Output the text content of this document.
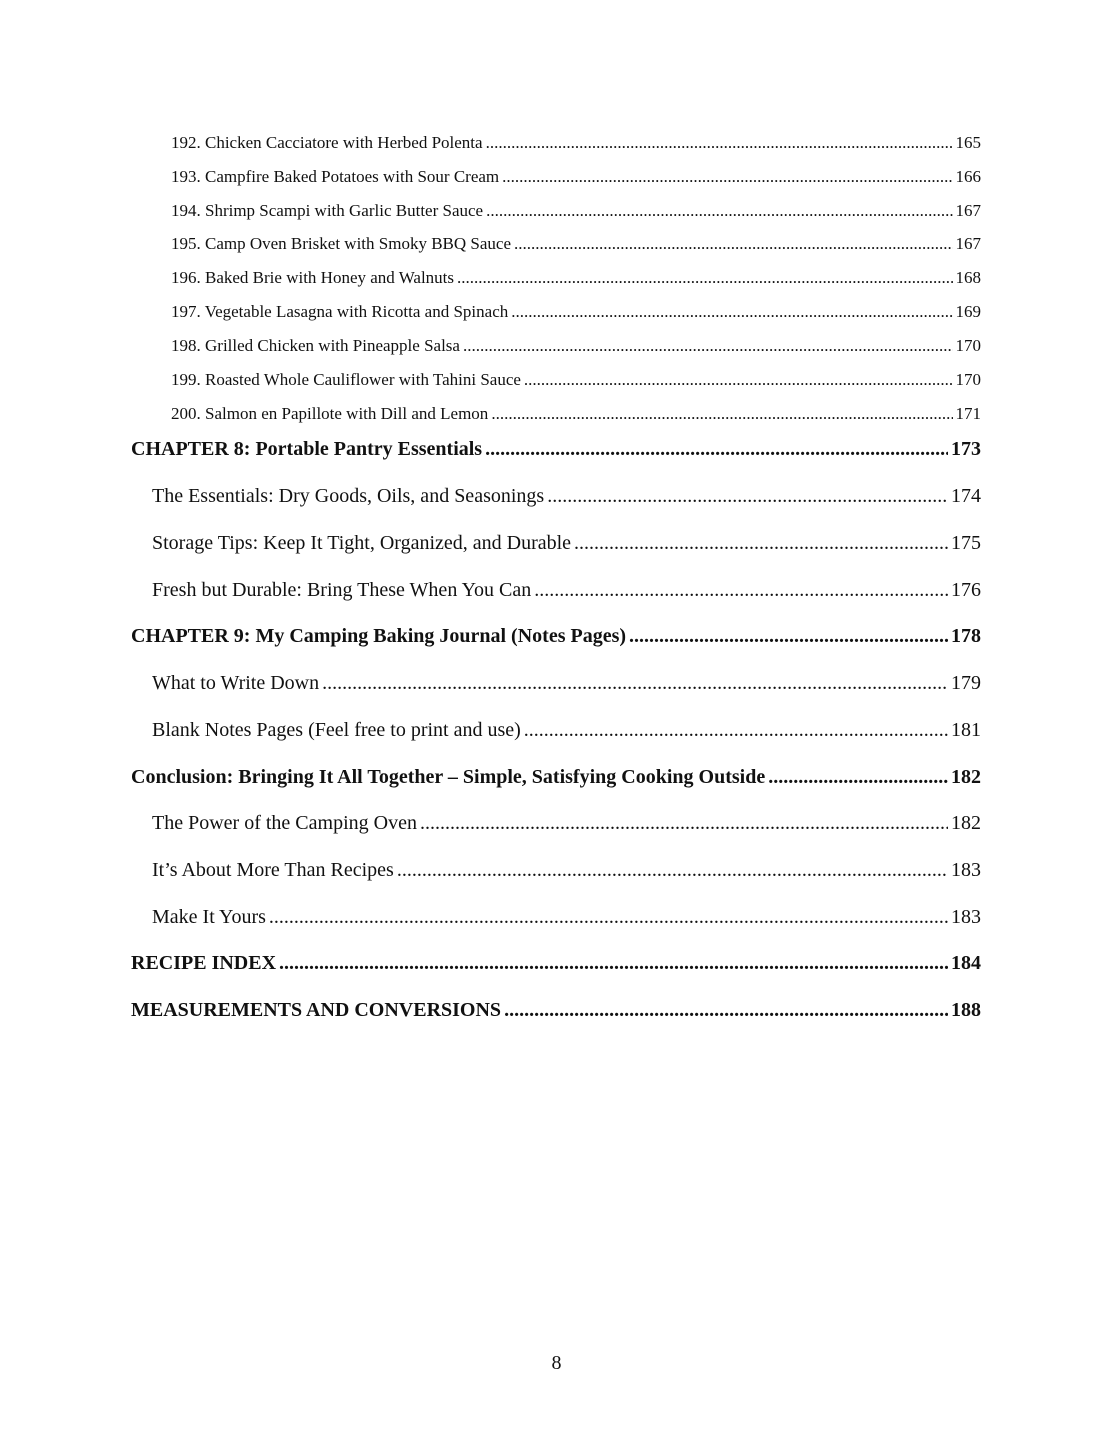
192. Chicken Cacciatore with Herbed Polenta .....	165
193. Campfire Baked Potatoes with Sour Cream .....	166
194. Shrimp Scampi with Garlic Butter Sauce .....	167
195. Camp Oven Brisket with Smoky BBQ Sauce .....	167
196. Baked Brie with Honey and Walnuts .....	168
197. Vegetable Lasagna with Ricotta and Spinach .....	169
198. Grilled Chicken with Pineapple Salsa .....	170
199. Roasted Whole Cauliflower with Tahini Sauce .....	170
200. Salmon en Papillote with Dill and Lemon .....	171
CHAPTER 8: Portable Pantry Essentials .....	173
The Essentials: Dry Goods, Oils, and Seasonings .....	174
Storage Tips: Keep It Tight, Organized, and Durable .....	175
Fresh but Durable: Bring These When You Can .....	176
CHAPTER 9: My Camping Baking Journal (Notes Pages) .....	178
What to Write Down .....	179
Blank Notes Pages (Feel free to print and use) .....	181
Conclusion: Bringing It All Together – Simple, Satisfying Cooking Outside .....	182
The Power of the Camping Oven .....	182
It’s About More Than Recipes .....	183
Make It Yours .....	183
RECIPE INDEX .....	184
MEASUREMENTS AND CONVERSIONS .....	188
8
